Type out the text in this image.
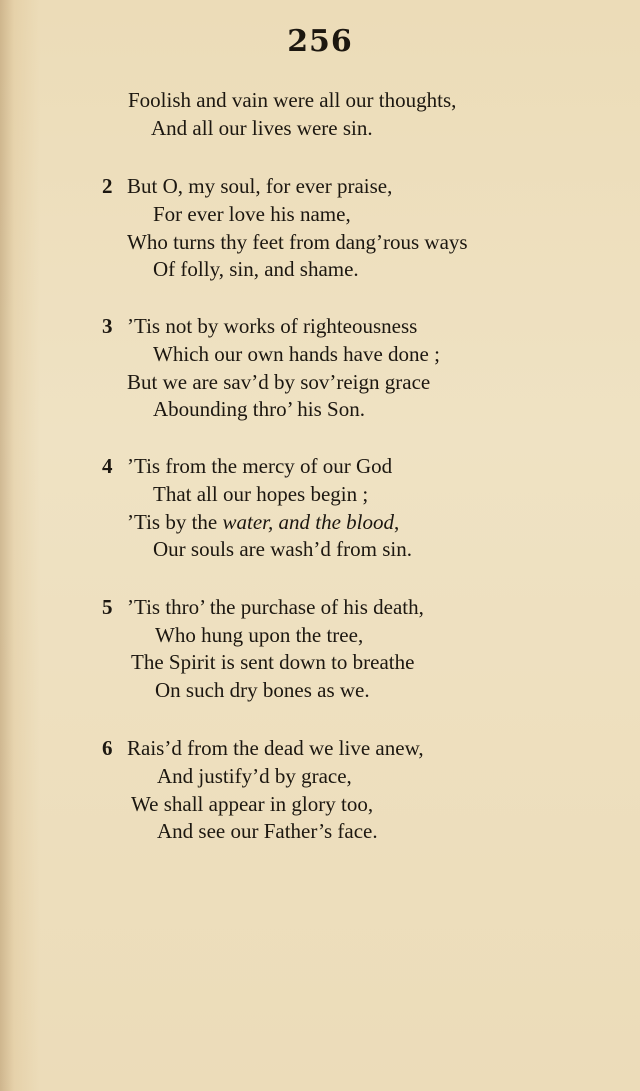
256
Foolish and vain were all our thoughts,
And all our lives were sin.
2 But O, my soul, for ever praise,
For ever love his name,
Who turns thy feet from dang’rous ways
Of folly, sin, and shame.
3 ’Tis not by works of righteousness
Which our own hands have done ;
But we are sav’d by sov’reign grace
Abounding thro’ his Son.
4 ’Tis from the mercy of our God
That all our hopes begin ;
’Tis by the water, and the blood,
Our souls are wash’d from sin.
5 ’Tis thro’ the purchase of his death,
Who hung upon the tree,
The Spirit is sent down to breathe
On such dry bones as we.
6 Rais’d from the dead we live anew,
And justify’d by grace,
We shall appear in glory too,
And see our Father’s face.
